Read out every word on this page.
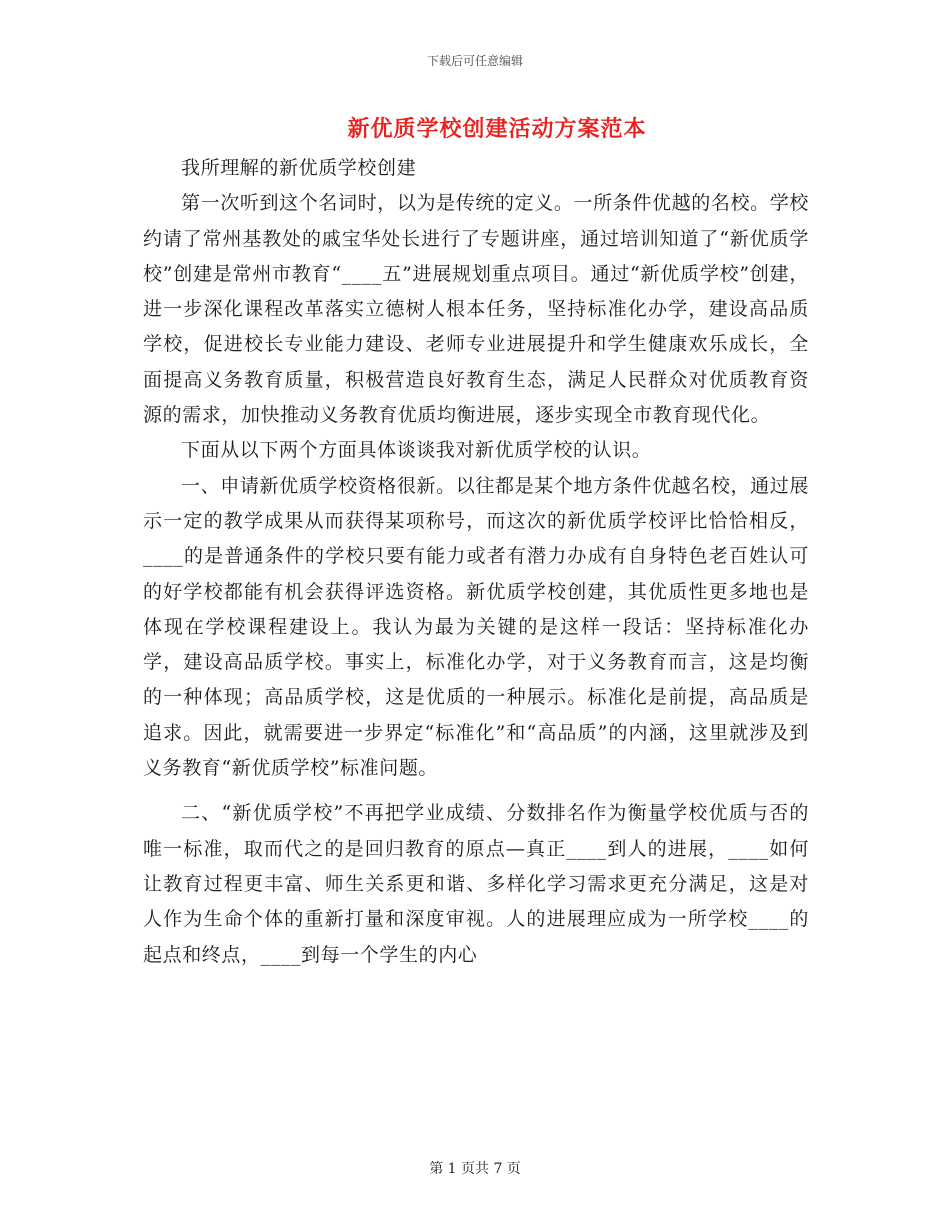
下载后可任意编辑
新优质学校创建活动方案范本

我所理解的新优质学校创建

第一次听到这个名词时，以为是传统的定义。一所条件优越的名校。学校约请了常州基教处的戚宝华处长进行了专题讲座，通过培训知道了“新优质学校”创建是常州市教育“____五”进展规划重点项目。通过“新优质学校”创建，进一步深化课程改革落实立德树人根本任务，坚持标准化办学，建设高品质学校，促进校长专业能力建设、老师专业进展提升和学生健康欢乐成长，全面提高义务教育质量，积极营造良好教育生态，满足人民群众对优质教育资源的需求，加快推动义务教育优质均衡进展，逐步实现全市教育现代化。

下面从以下两个方面具体谈谈我对新优质学校的认识。

一、申请新优质学校资格很新。以往都是某个地方条件优越名校，通过展示一定的教学成果从而获得某项称号，而这次的新优质学校评比恰恰相反，____的是普通条件的学校只要有能力或者有潜力办成有自身特色老百姓认可的好学校都能有机会获得评选资格。新优质学校创建，其优质性更多地也是体现在学校课程建设上。我认为最为关键的是这样一段话：坚持标准化办学，建设高品质学校。事实上，标准化办学，对于义务教育而言，这是均衡的一种体现；高品质学校，这是优质的一种展示。标准化是前提，高品质是追求。因此，就需要进一步界定“标准化”和“高品质”的内涵，这里就涉及到义务教育“新优质学校”标准问题。

二、“新优质学校”不再把学业成绩、分数排名作为衡量学校优质与否的唯一标准，取而代之的是回归教育的原点—真正____到人的进展，____如何让教育过程更丰富、师生关系更和谐、多样化学习需求更充分满足，这是对人作为生命个体的重新打量和深度审视。人的进展理应成为一所学校____的起点和终点，____到每一个学生的内心

第 1 页共 7 页
